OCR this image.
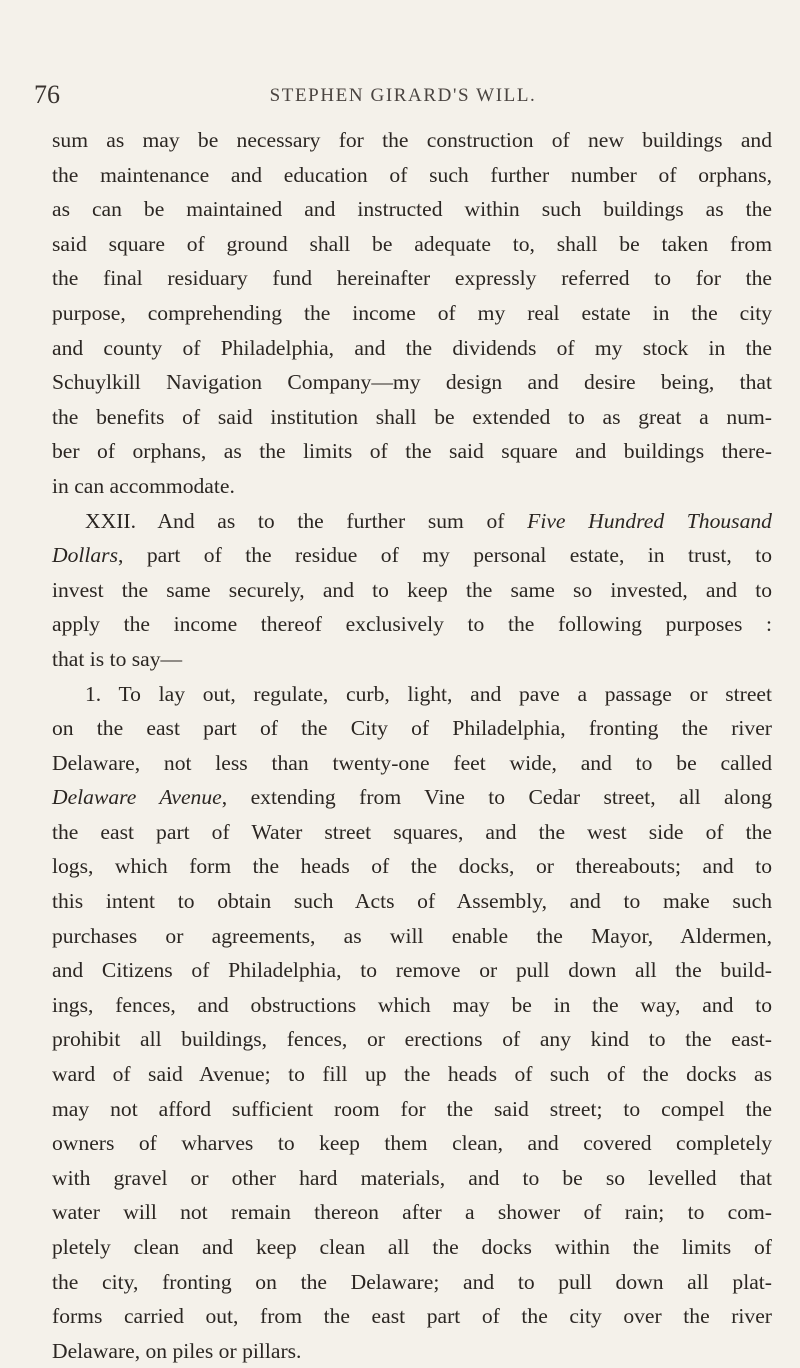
76	STEPHEN GIRARD'S WILL.

sum as may be necessary for the construction of new buildings and
the maintenance and education of such further number of orphans,
as can be maintained and instructed within such buildings as the
said square of ground shall be adequate to, shall be taken from
the final residuary fund hereinafter expressly referred to for the
purpose, comprehending the income of my real estate in the city
and county of Philadelphia, and the dividends of my stock in the
Schuylkill Navigation Company—my design and desire being, that
the benefits of said institution shall be extended to as great a num-
ber of orphans, as the limits of the said square and buildings there-
in can accommodate.

XXII. And as to the further sum of Five Hundred Thousand
Dollars, part of the residue of my personal estate, in trust, to
invest the same securely, and to keep the same so invested, and to
apply the income thereof exclusively to the following purposes :
that is to say—

1. To lay out, regulate, curb, light, and pave a passage or street
on the east part of the City of Philadelphia, fronting the river
Delaware, not less than twenty-one feet wide, and to be called
Delaware Avenue, extending from Vine to Cedar street, all along
the east part of Water street squares, and the west side of the
logs, which form the heads of the docks, or thereabouts; and to
this intent to obtain such Acts of Assembly, and to make such
purchases or agreements, as will enable the Mayor, Aldermen,
and Citizens of Philadelphia, to remove or pull down all the build-
ings, fences, and obstructions which may be in the way, and to
prohibit all buildings, fences, or erections of any kind to the east-
ward of said Avenue; to fill up the heads of such of the docks as
may not afford sufficient room for the said street; to compel the
owners of wharves to keep them clean, and covered completely
with gravel or other hard materials, and to be so levelled that
water will not remain thereon after a shower of rain; to com-
pletely clean and keep clean all the docks within the limits of
the city, fronting on the Delaware; and to pull down all plat-
forms carried out, from the east part of the city over the river
Delaware, on piles or pillars.
